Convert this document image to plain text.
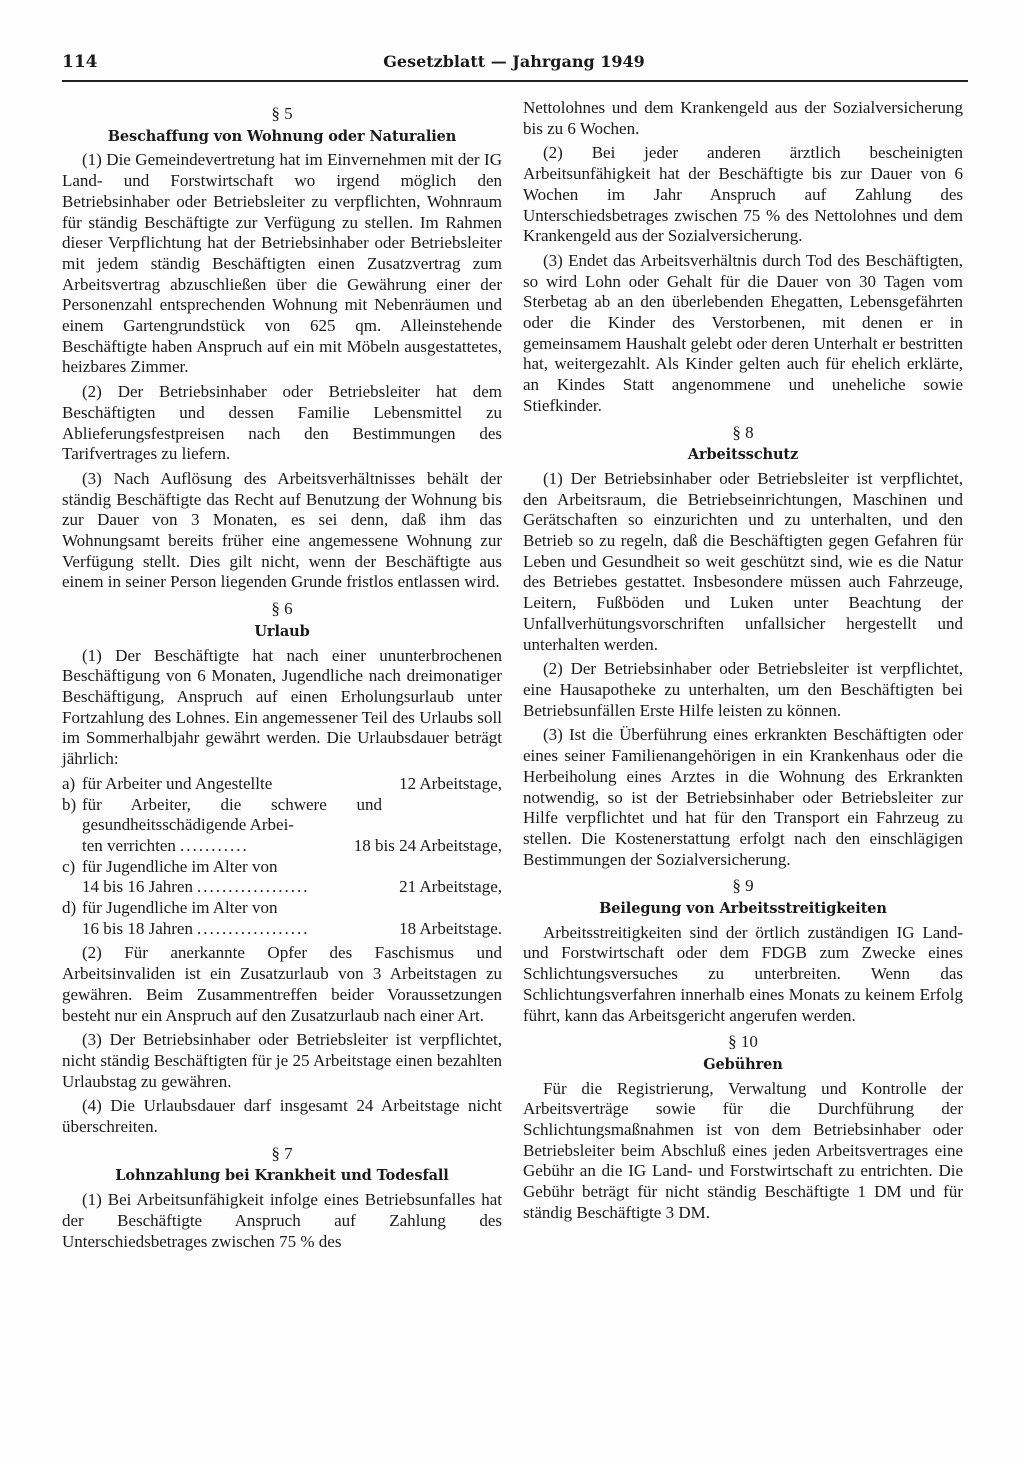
114	Gesetzblatt — Jahrgang 1949
§ 5
Beschaffung von Wohnung oder Naturalien

(1) Die Gemeindevertretung hat im Einvernehmen mit der IG Land- und Forstwirtschaft wo irgend möglich den Betriebsinhaber oder Betriebsleiter zu verpflichten, Wohnraum für ständig Beschäftigte zur Verfügung zu stellen. Im Rahmen dieser Verpflichtung hat der Betriebsinhaber oder Betriebsleiter mit jedem ständig Beschäftigten einen Zusatzvertrag zum Arbeitsvertrag abzuschließen über die Gewährung einer der Personenzahl entsprechenden Wohnung mit Nebenräumen und einem Gartengrundstück von 625 qm. Alleinstehende Beschäftigte haben Anspruch auf ein mit Möbeln ausgestattetes, heizbares Zimmer.

(2) Der Betriebsinhaber oder Betriebsleiter hat dem Beschäftigten und dessen Familie Lebensmittel zu Ablieferungsfestpreisen nach den Bestimmungen des Tarifvertrages zu liefern.

(3) Nach Auflösung des Arbeitsverhältnisses behält der ständig Beschäftigte das Recht auf Benutzung der Wohnung bis zur Dauer von 3 Monaten, es sei denn, daß ihm das Wohnungsamt bereits früher eine angemessene Wohnung zur Verfügung stellt. Dies gilt nicht, wenn der Beschäftigte aus einem in seiner Person liegenden Grunde fristlos entlassen wird.

§ 6
Urlaub

(1) Der Beschäftigte hat nach einer ununterbrochenen Beschäftigung von 6 Monaten, Jugendliche nach dreimonatiger Beschäftigung, Anspruch auf einen Erholungsurlaub unter Fortzahlung des Lohnes. Ein angemessener Teil des Urlaubs soll im Sommerhalbjahr gewährt werden. Die Urlaubsdauer beträgt jährlich:

a) für Arbeiter und Angestellte	12 Arbeitstage,
b) für Arbeiter, die schwere und gesundheitsschädigende Arbei-
ten verrichten ...........	18 bis 24 Arbeitstage,
c) für Jugendliche im Alter von
14 bis 16 Jahren ..................	21 Arbeitstage,
d) für Jugendliche im Alter von
16 bis 18 Jahren ..................	18 Arbeitstage.

(2) Für anerkannte Opfer des Faschismus und Arbeitsinvaliden ist ein Zusatzurlaub von 3 Arbeitstagen zu gewähren. Beim Zusammentreffen beider Voraussetzungen besteht nur ein Anspruch auf den Zusatzurlaub nach einer Art.

(3) Der Betriebsinhaber oder Betriebsleiter ist verpflichtet, nicht ständig Beschäftigten für je 25 Arbeitstage einen bezahlten Urlaubstag zu gewähren.

(4) Die Urlaubsdauer darf insgesamt 24 Arbeitstage nicht überschreiten.

§ 7
Lohnzahlung bei Krankheit und Todesfall

(1) Bei Arbeitsunfähigkeit infolge eines Betriebsunfalles hat der Beschäftigte Anspruch auf Zahlung des Unterschiedsbetrages zwischen 75 % des

Nettolohnes und dem Krankengeld aus der Sozialversicherung bis zu 6 Wochen.

(2) Bei jeder anderen ärztlich bescheinigten Arbeitsunfähigkeit hat der Beschäftigte bis zur Dauer von 6 Wochen im Jahr Anspruch auf Zahlung des Unterschiedsbetrages zwischen 75 % des Nettolohnes und dem Krankengeld aus der Sozialversicherung.

(3) Endet das Arbeitsverhältnis durch Tod des Beschäftigten, so wird Lohn oder Gehalt für die Dauer von 30 Tagen vom Sterbetag ab an den überlebenden Ehegatten, Lebensgefährten oder die Kinder des Verstorbenen, mit denen er in gemeinsamem Haushalt gelebt oder deren Unterhalt er bestritten hat, weitergezahlt. Als Kinder gelten auch für ehelich erklärte, an Kindes Statt angenommene und uneheliche sowie Stiefkinder.

§ 8
Arbeitsschutz

(1) Der Betriebsinhaber oder Betriebsleiter ist verpflichtet, den Arbeitsraum, die Betriebseinrichtungen, Maschinen und Gerätschaften so einzurichten und zu unterhalten, und den Betrieb so zu regeln, daß die Beschäftigten gegen Gefahren für Leben und Gesundheit so weit geschützt sind, wie es die Natur des Betriebes gestattet. Insbesondere müssen auch Fahrzeuge, Leitern, Fußböden und Luken unter Beachtung der Unfallverhütungsvorschriften unfallsicher hergestellt und unterhalten werden.

(2) Der Betriebsinhaber oder Betriebsleiter ist verpflichtet, eine Hausapotheke zu unterhalten, um den Beschäftigten bei Betriebsunfällen Erste Hilfe leisten zu können.

(3) Ist die Überführung eines erkrankten Beschäftigten oder eines seiner Familienangehörigen in ein Krankenhaus oder die Herbeiholung eines Arztes in die Wohnung des Erkrankten notwendig, so ist der Betriebsinhaber oder Betriebsleiter zur Hilfe verpflichtet und hat für den Transport ein Fahrzeug zu stellen. Die Kostenerstattung erfolgt nach den einschlägigen Bestimmungen der Sozialversicherung.

§ 9
Beilegung von Arbeitsstreitigkeiten

Arbeitsstreitigkeiten sind der örtlich zuständigen IG Land- und Forstwirtschaft oder dem FDGB zum Zwecke eines Schlichtungsversuches zu unterbreiten. Wenn das Schlichtungsverfahren innerhalb eines Monats zu keinem Erfolg führt, kann das Arbeitsgericht angerufen werden.

§ 10
Gebühren

Für die Registrierung, Verwaltung und Kontrolle der Arbeitsverträge sowie für die Durchführung der Schlichtungsmaßnahmen ist von dem Betriebsinhaber oder Betriebsleiter beim Abschluß eines jeden Arbeitsvertrages eine Gebühr an die IG Land- und Forstwirtschaft zu entrichten. Die Gebühr beträgt für nicht ständig Beschäftigte 1 DM und für ständig Beschäftigte 3 DM.
